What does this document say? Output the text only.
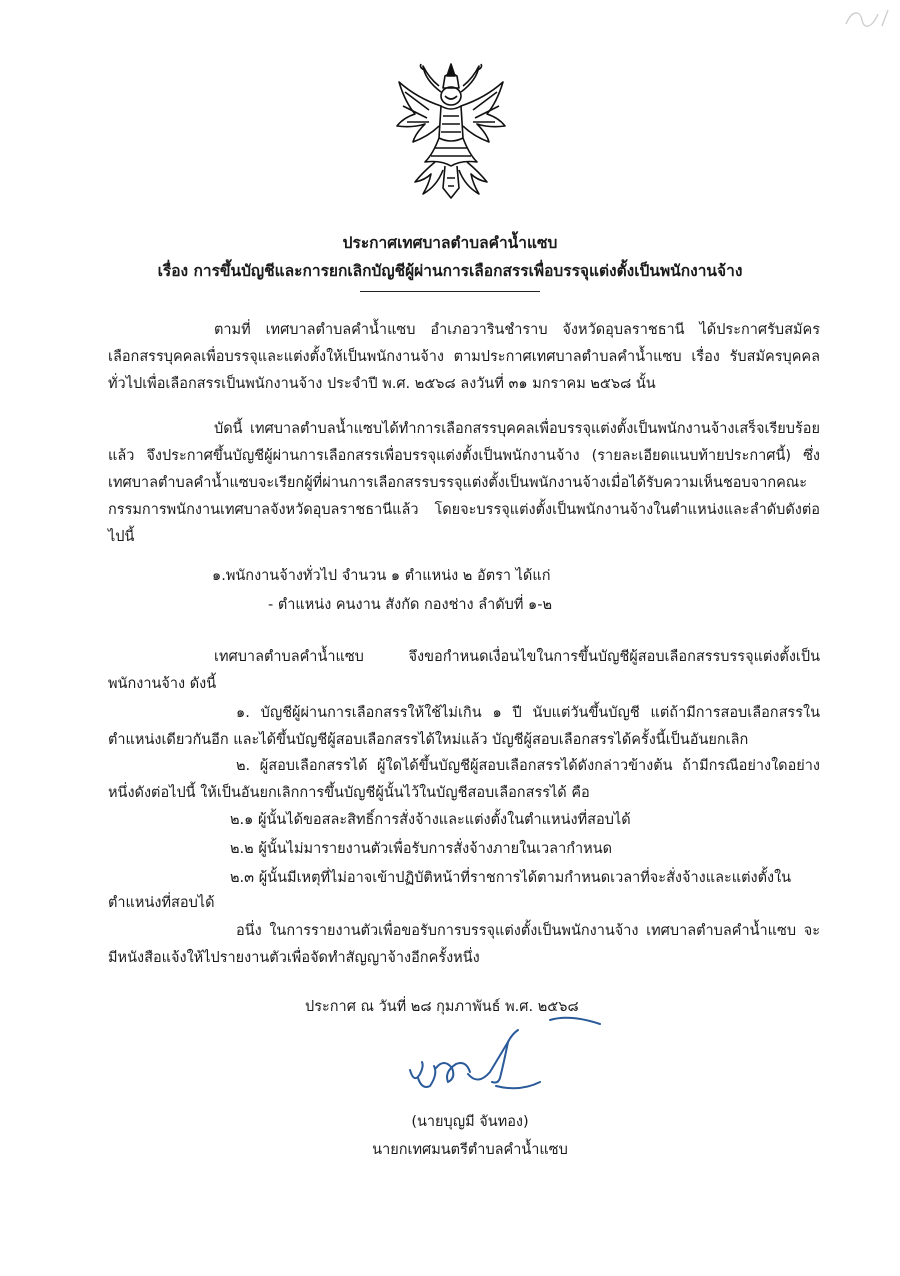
ประกาศเทศบาลตำบลคำน้ำแซบ
เรื่อง การขึ้นบัญชีและการยกเลิกบัญชีผู้ผ่านการเลือกสรรเพื่อบรรจุแต่งตั้งเป็นพนักงานจ้าง
ตามที่ เทศบาลตำบลคำน้ำแซบ อำเภอวารินชำราบ จังหวัดอุบลราชธานี ได้ประกาศรับสมัครเลือกสรรบุคคลเพื่อบรรจุและแต่งตั้งให้เป็นพนักงานจ้าง ตามประกาศเทศบาลตำบลคำน้ำแซบ เรื่อง รับสมัครบุคคลทั่วไปเพื่อเลือกสรรเป็นพนักงานจ้าง ประจำปี พ.ศ. ๒๕๖๘ ลงวันที่ ๓๑ มกราคม ๒๕๖๘ นั้น
บัดนี้ เทศบาลตำบลน้ำแซบได้ทำการเลือกสรรบุคคลเพื่อบรรจุแต่งตั้งเป็นพนักงานจ้างเสร็จเรียบร้อยแล้ว จึงประกาศขึ้นบัญชีผู้ผ่านการเลือกสรรเพื่อบรรจุแต่งตั้งเป็นพนักงานจ้าง (รายละเอียดแนบท้ายประกาศนี้) ซึ่งเทศบาลตำบลคำน้ำแซบจะเรียกผู้ที่ผ่านการเลือกสรรบรรจุแต่งตั้งเป็นพนักงานจ้างเมื่อได้รับความเห็นชอบจากคณะกรรมการพนักงานเทศบาลจังหวัดอุบลราชธานีแล้ว โดยจะบรรจุแต่งตั้งเป็นพนักงานจ้างในตำแหน่งและลำดับดังต่อไปนี้
๑.พนักงานจ้างทั่วไป จำนวน ๑ ตำแหน่ง ๒ อัตรา ได้แก่
- ตำแหน่ง คนงาน สังกัด กองช่าง ลำดับที่ ๑-๒
เทศบาลตำบลคำน้ำแซบ จึงขอกำหนดเงื่อนไขในการขึ้นบัญชีผู้สอบเลือกสรรบรรจุแต่งตั้งเป็นพนักงานจ้าง ดังนี้
๑. บัญชีผู้ผ่านการเลือกสรรให้ใช้ไม่เกิน ๑ ปี นับแต่วันขึ้นบัญชี แต่ถ้ามีการสอบเลือกสรรในตำแหน่งเดียวกันอีก และได้ขึ้นบัญชีผู้สอบเลือกสรรได้ใหม่แล้ว บัญชีผู้สอบเลือกสรรได้ครั้งนี้เป็นอันยกเลิก
๒. ผู้สอบเลือกสรรได้ ผู้ใดได้ขึ้นบัญชีผู้สอบเลือกสรรได้ดังกล่าวข้างต้น ถ้ามีกรณีอย่างใดอย่างหนึ่งดังต่อไปนี้ ให้เป็นอันยกเลิกการขึ้นบัญชีผู้นั้นไว้ในบัญชีสอบเลือกสรรได้ คือ
๒.๑ ผู้นั้นได้ขอสละสิทธิ์การสั่งจ้างและแต่งตั้งในตำแหน่งที่สอบได้
๒.๒ ผู้นั้นไม่มารายงานตัวเพื่อรับการสั่งจ้างภายในเวลากำหนด
๒.๓ ผู้นั้นมีเหตุที่ไม่อาจเข้าปฏิบัติหน้าที่ราชการได้ตามกำหนดเวลาที่จะสั่งจ้างและแต่งตั้งใน
ตำแหน่งที่สอบได้
อนึ่ง ในการรายงานตัวเพื่อขอรับการบรรจุแต่งตั้งเป็นพนักงานจ้าง เทศบาลตำบลคำน้ำแซบ จะมีหนังสือแจ้งให้ไปรายงานตัวเพื่อจัดทำสัญญาจ้างอีกครั้งหนึ่ง
ประกาศ ณ วันที่ ๒๘ กุมภาพันธ์ พ.ศ. ๒๕๖๘
(นายบุญมี จันทอง)
นายกเทศมนตรีตำบลคำน้ำแซบ
